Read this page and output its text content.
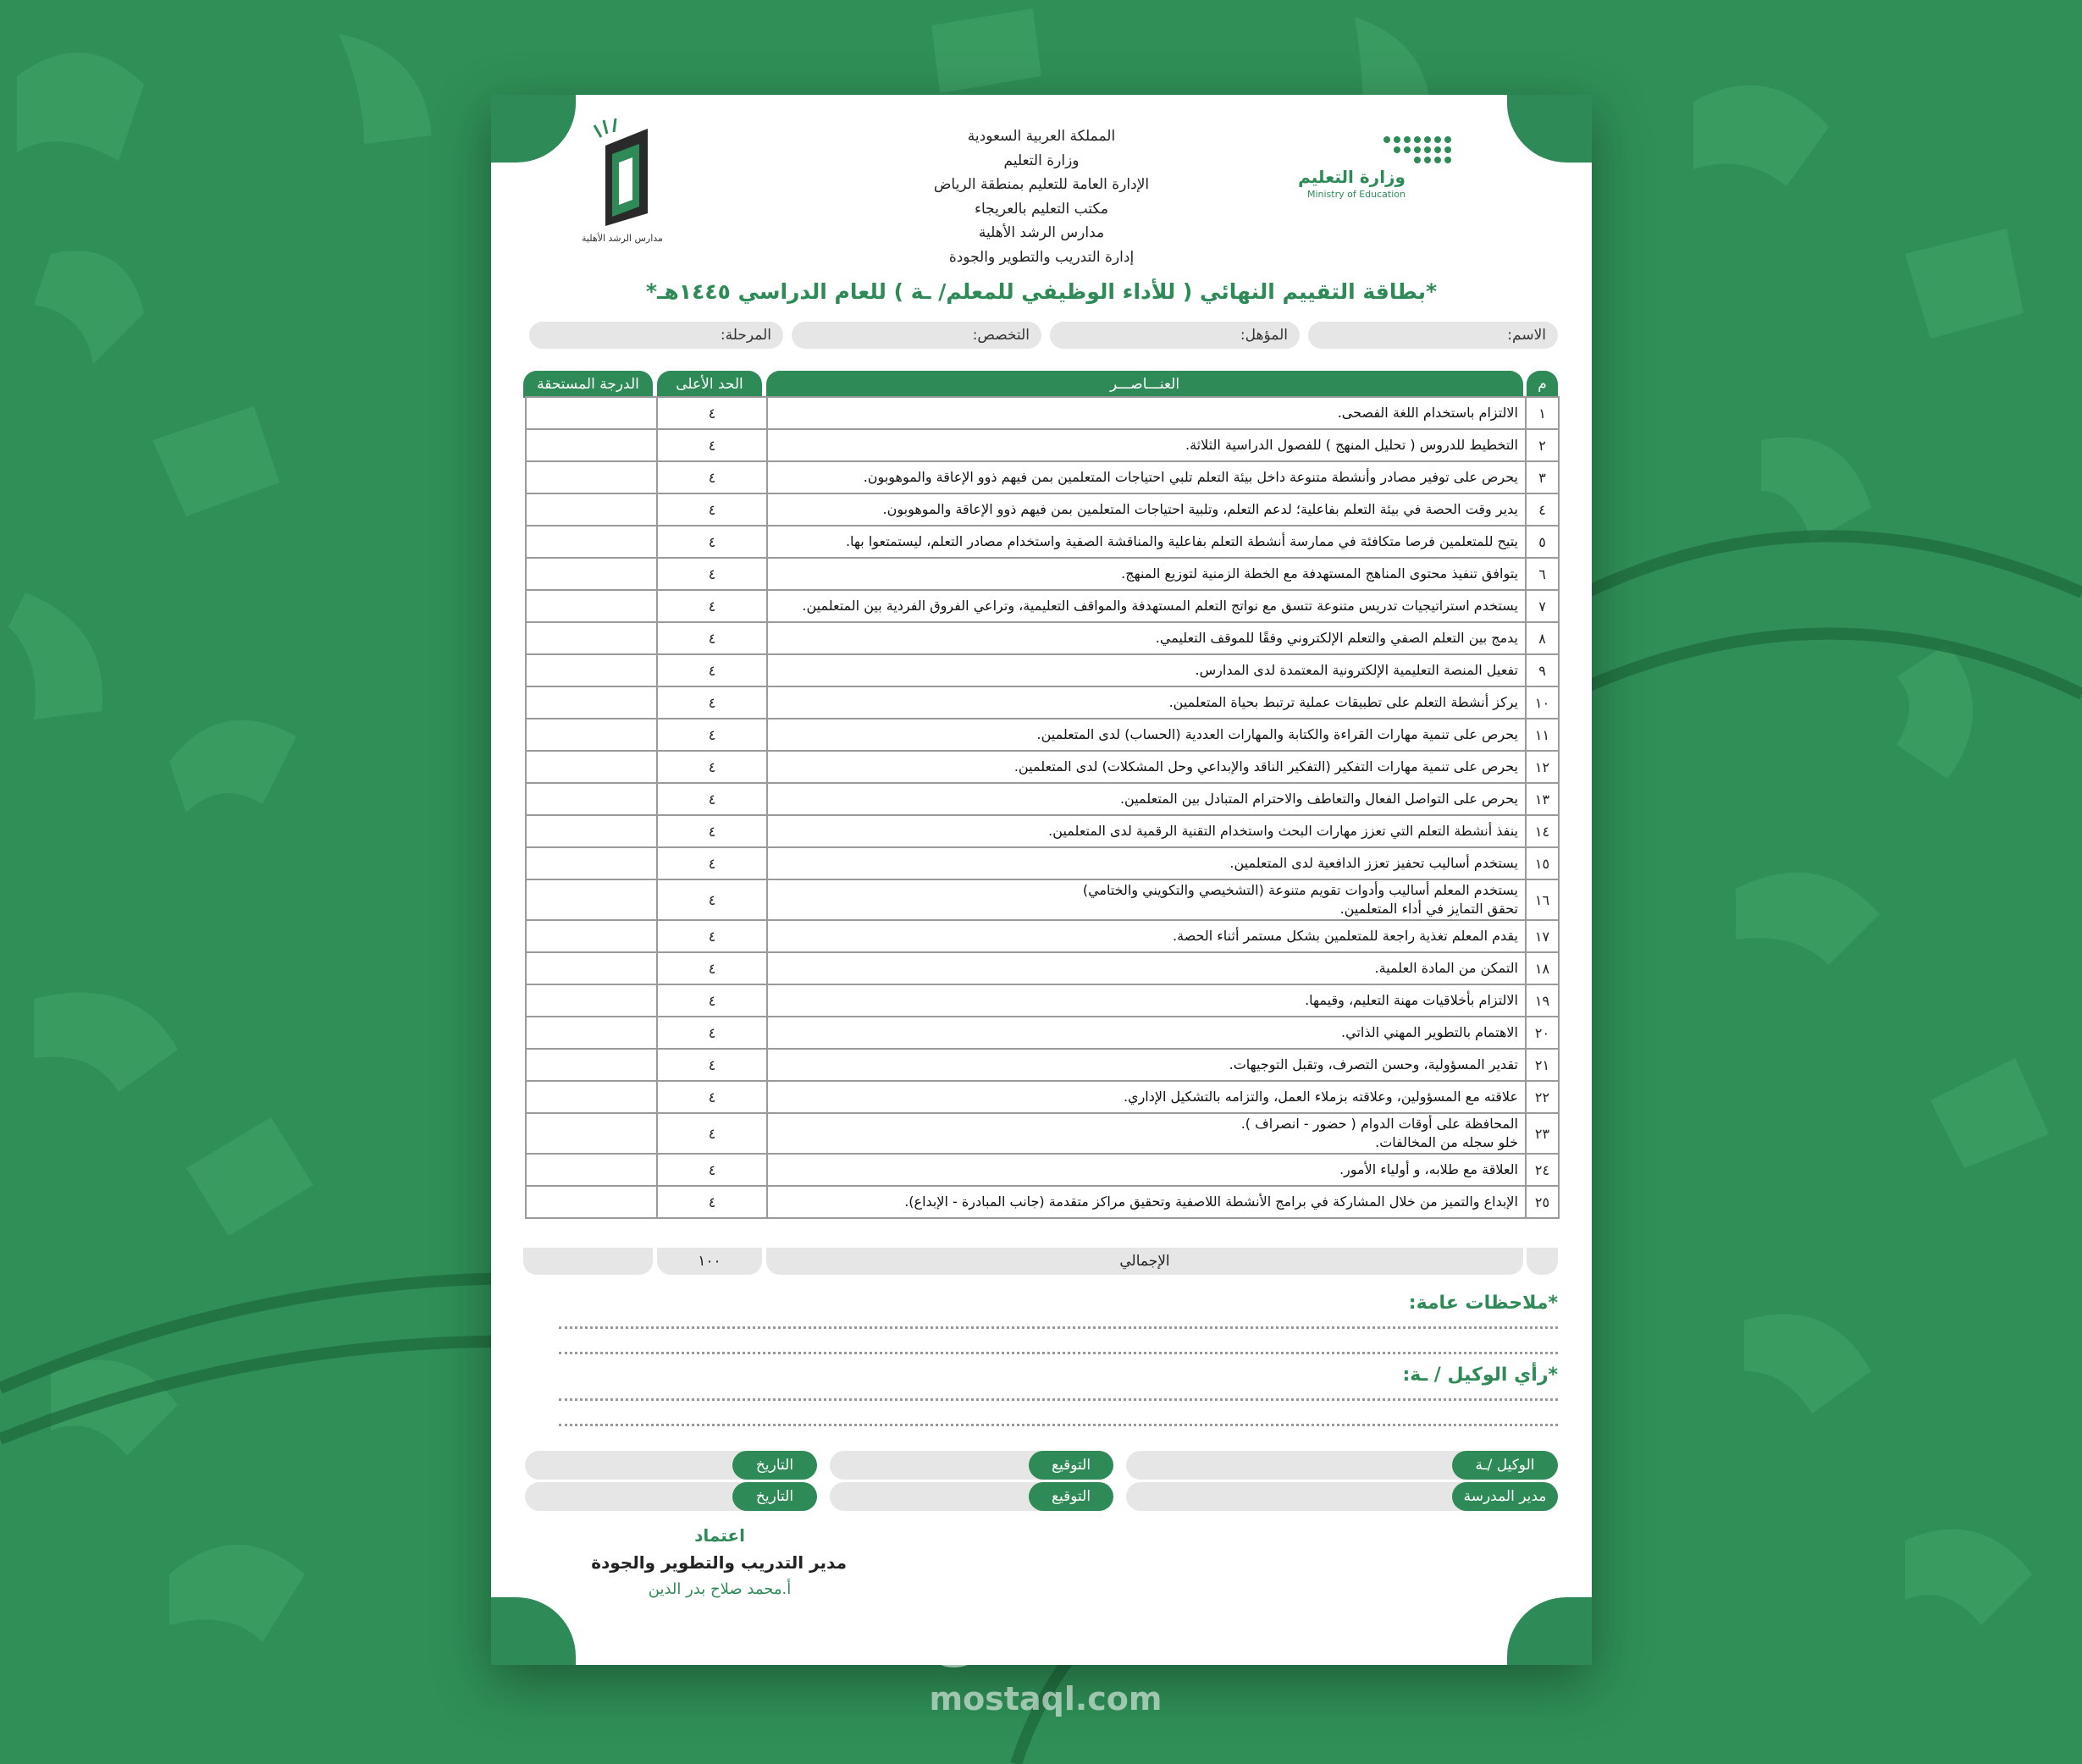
وزارة التعليم
Ministry of Education
المملكة العربية السعودية
وزارة التعليم
الإدارة العامة للتعليم بمنطقة الرياض
مكتب التعليم بالعريجاء
مدارس الرشد الأهلية
إدارة التدريب والتطوير والجودة
مدارس الرشد الأهلية
*بطاقة التقييم النهائي ( للأداء الوظيفي للمعلم/ ـة ) للعام الدراسي ١٤٤٥هـ*
الاسم:
المؤهل:
التخصص:
المرحلة:
م
العنـــاصـــر
الحد الأعلى
الدرجة المستحقة
١
الالتزام باستخدام اللغة الفصحى.
٤
٢
التخطيط للدروس ( تحليل المنهج ) للفصول الدراسية الثلاثة.
٤
٣
يحرص على توفير مصادر وأنشطة متنوعة داخل بيئة التعلم تلبي احتياجات المتعلمين بمن فيهم ذوو الإعاقة والموهوبون.
٤
٤
يدير وقت الحصة في بيئة التعلم بفاعلية؛ لدعم التعلم، وتلبية احتياجات المتعلمين بمن فيهم ذوو الإعاقة والموهوبون.
٤
٥
يتيح للمتعلمين فرصا متكافئة في ممارسة أنشطة التعلم بفاعلية والمناقشة الصفية واستخدام مصادر التعلم، ليستمتعوا بها.
٤
٦
يتوافق تنفيذ محتوى المناهج المستهدفة مع الخطة الزمنية لتوزيع المنهج.
٤
٧
يستخدم استراتيجيات تدريس متنوعة تتسق مع نواتج التعلم المستهدفة والمواقف التعليمية، وتراعي الفروق الفردية بين المتعلمين.
٤
٨
يدمج بين التعلم الصفي والتعلم الإلكتروني وفقًا للموقف التعليمي.
٤
٩
تفعيل المنصة التعليمية الإلكترونية المعتمدة لدى المدارس.
٤
١٠
يركز أنشطة التعلم على تطبيقات عملية ترتبط بحياة المتعلمين.
٤
١١
يحرص على تنمية مهارات القراءة والكتابة والمهارات العددية (الحساب) لدى المتعلمين.
٤
١٢
يحرص على تنمية مهارات التفكير (التفكير الناقد والإبداعي وحل المشكلات) لدى المتعلمين.
٤
١٣
يحرص على التواصل الفعال والتعاطف والاحترام المتبادل بين المتعلمين.
٤
١٤
ينفذ أنشطة التعلم التي تعزز مهارات البحث واستخدام التقنية الرقمية لدى المتعلمين.
٤
١٥
يستخدم أساليب تحفيز تعزز الدافعية لدى المتعلمين.
٤
١٦
يستخدم المعلم أساليب وأدوات تقويم متنوعة (التشخيصي والتكويني والختامي)
تحقق التمايز في أداء المتعلمين.
٤
١٧
يقدم المعلم تغذية راجعة للمتعلمين بشكل مستمر أثناء الحصة.
٤
١٨
التمكن من المادة العلمية.
٤
١٩
الالتزام بأخلاقيات مهنة التعليم، وقيمها.
٤
٢٠
الاهتمام بالتطوير المهني الذاتي.
٤
٢١
تقدير المسؤولية، وحسن التصرف، وتقبل التوجيهات.
٤
٢٢
علاقته مع المسؤولين، وعلاقته بزملاء العمل، والتزامه بالتشكيل الإداري.
٤
٢٣
المحافظة على أوقات الدوام ( حضور - انصراف ).
خلو سجله من المخالفات.
٤
٢٤
العلاقة مع طلابه، و أولياء الأمور.
٤
٢٥
الإبداع والتميز من خلال المشاركة في برامج الأنشطة اللاصفية وتحقيق مراكز متقدمة (جانب المبادرة - الإبداع).
٤
الإجمالي
١٠٠
*ملاحظات عامة:
*رأي الوكيل / ـة:
الوكيل /ـة
التوقيع
التاريخ
مدير المدرسة
التوقيع
التاريخ
اعتماد
مدير التدريب والتطوير والجودة
أ.محمد صلاح بدر الدين
مستقل
mostaql.com
